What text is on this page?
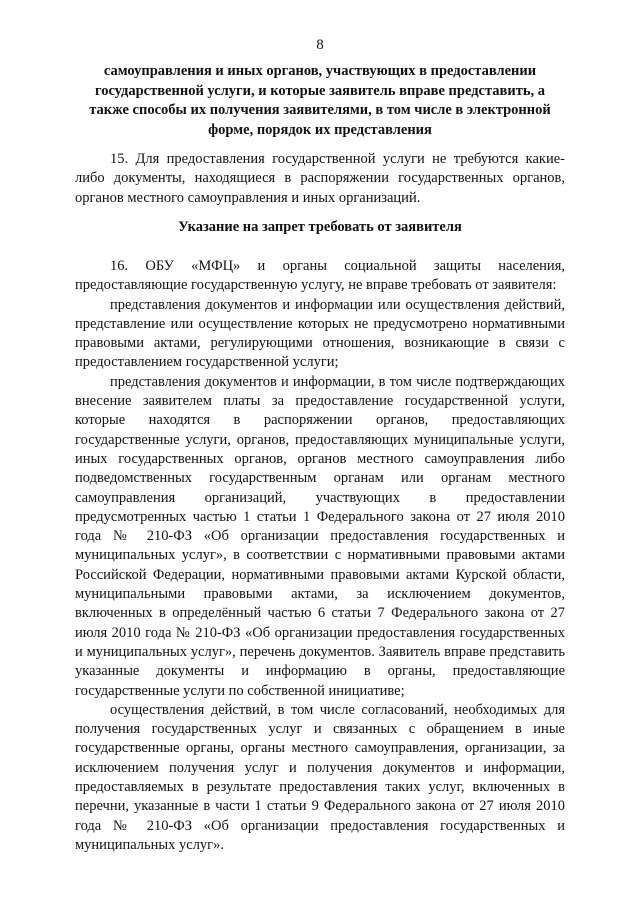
8
самоуправления и иных органов, участвующих в предоставлении государственной услуги, и которые заявитель вправе представить, а также способы их получения заявителями, в том числе в электронной форме, порядок их представления

15. Для предоставления государственной услуги не требуются какие-либо документы, находящиеся в распоряжении государственных органов, органов местного самоуправления и иных организаций.

Указание на запрет требовать от заявителя

16. ОБУ «МФЦ» и органы социальной защиты населения, предоставляющие государственную услугу, не вправе требовать от заявителя:

представления документов и информации или осуществления действий, представление или осуществление которых не предусмотрено нормативными правовыми актами, регулирующими отношения, возникающие в связи с предоставлением государственной услуги;

представления документов и информации, в том числе подтверждающих внесение заявителем платы за предоставление государственной услуги, которые находятся в распоряжении органов, предоставляющих государственные услуги, органов, предоставляющих муниципальные услуги, иных государственных органов, органов местного самоуправления либо подведомственных государственным органам или органам местного самоуправления организаций, участвующих в предоставлении предусмотренных частью 1 статьи 1 Федерального закона от 27 июля 2010 года № 210-ФЗ «Об организации предоставления государственных и муниципальных услуг», в соответствии с нормативными правовыми актами Российской Федерации, нормативными правовыми актами Курской области, муниципальными правовыми актами, за исключением документов, включенных в определённый частью 6 статьи 7 Федерального закона от 27 июля 2010 года № 210-ФЗ «Об организации предоставления государственных и муниципальных услуг», перечень документов. Заявитель вправе представить указанные документы и информацию в органы, предоставляющие государственные услуги по собственной инициативе;

осуществления действий, в том числе согласований, необходимых для получения государственных услуг и связанных с обращением в иные государственные органы, органы местного самоуправления, организации, за исключением получения услуг и получения документов и информации, предоставляемых в результате предоставления таких услуг, включенных в перечни, указанные в части 1 статьи 9 Федерального закона от 27 июля 2010 года № 210-ФЗ «Об организации предоставления государственных и муниципальных услуг».
